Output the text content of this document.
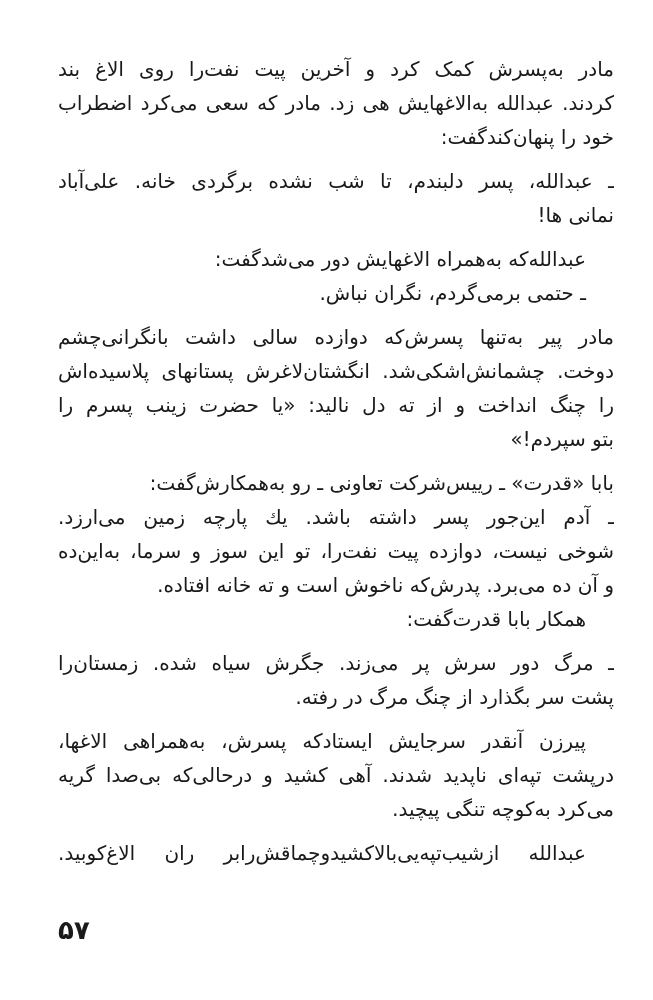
مادر به‌پسرش کمک کرد و آخرین پیت نفت‌را روی الاغ بند
کردند. عبدالله به‌الاغهایش هی زد. مادر که سعی می‌کرد اضطراب
خود را پنهان‌کند‌گفت:
ـ عبدالله، پسر دلبندم، تا شب نشده برگردی خانه. علی‌آباد
نمانی ها!
عبدالله‌که به‌همراه الاغهایش دور می‌شد‌گفت:
ـ حتمی برمی‌گردم، نگران نباش.
مادر پیر به‌تنها پسرش‌که دوازده سالی داشت بانگرانی‌چشم
دوخت. چشمانش‌اشکی‌شد. انگشتان‌لاغرش پستانهای پلاسیده‌اش
را چنگ انداخت و از ته دل نالید: «یا حضرت زینب پسرم را
بتو سپردم!»
بابا «قدرت» ـ رییس‌شرکت تعاونی ـ رو به‌همکارش‌گفت:
ـ آدم این‌جور پسر داشته باشد. یك پارچه زمین می‌ارزد.
شوخی نیست، دوازده پیت نفت‌را، تو این سوز و سرما، به‌این‌ده
و آن ده می‌برد. پدرش‌که ناخوش است و ته خانه افتاده.
همکار بابا قدرت‌گفت:
ـ مرگ دور سرش پر می‌زند. جگرش سیاه شده. زمستان‌را
پشت سر بگذارد از چنگ مرگ در رفته.
پیرزن آنقدر سرجایش ایستادکه پسرش، به‌همراهی الاغها،
درپشت تپه‌ای ناپدید شدند. آهی کشید و درحالی‌که بی‌صدا گریه
می‌کرد به‌کوچه تنگی پیچید.
عبدالله ازشیب‌تپه‌یی‌بالاکشیدوچماقش‌رابر ران الاغ‌کوبید.
۵۷
